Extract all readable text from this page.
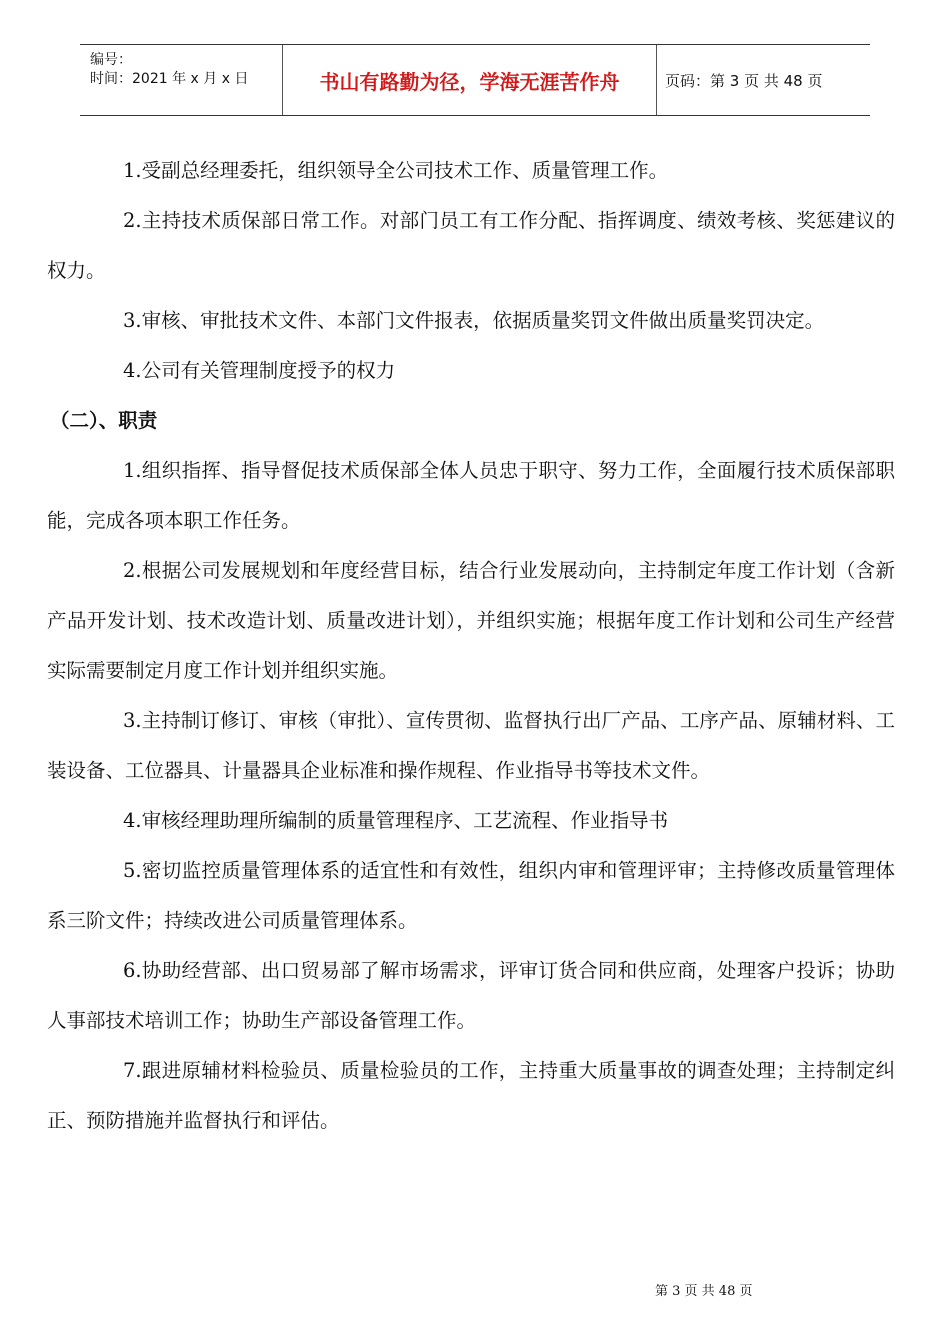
编号：
时间：2021 年 x 月 x 日	书山有路勤为径，学海无涯苦作舟	页码：第 3 页 共 48 页

1.受副总经理委托，组织领导全公司技术工作、质量管理工作。

2.主持技术质保部日常工作。对部门员工有工作分配、指挥调度、绩效考核、奖惩建议的权力。

3.审核、审批技术文件、本部门文件报表，依据质量奖罚文件做出质量奖罚决定。

4.公司有关管理制度授予的权力

（二）、职责

1.组织指挥、指导督促技术质保部全体人员忠于职守、努力工作，全面履行技术质保部职能，完成各项本职工作任务。

2.根据公司发展规划和年度经营目标，结合行业发展动向，主持制定年度工作计划（含新产品开发计划、技术改造计划、质量改进计划），并组织实施；根据年度工作计划和公司生产经营实际需要制定月度工作计划并组织实施。

3.主持制订修订、审核（审批）、宣传贯彻、监督执行出厂产品、工序产品、原辅材料、工装设备、工位器具、计量器具企业标准和操作规程、作业指导书等技术文件。

4.审核经理助理所编制的质量管理程序、工艺流程、作业指导书

5.密切监控质量管理体系的适宜性和有效性，组织内审和管理评审；主持修改质量管理体系三阶文件；持续改进公司质量管理体系。

6.协助经营部、出口贸易部了解市场需求，评审订货合同和供应商，处理客户投诉；协助人事部技术培训工作；协助生产部设备管理工作。

7.跟进原辅材料检验员、质量检验员的工作，主持重大质量事故的调查处理；主持制定纠正、预防措施并监督执行和评估。

第 3 页 共 48 页
